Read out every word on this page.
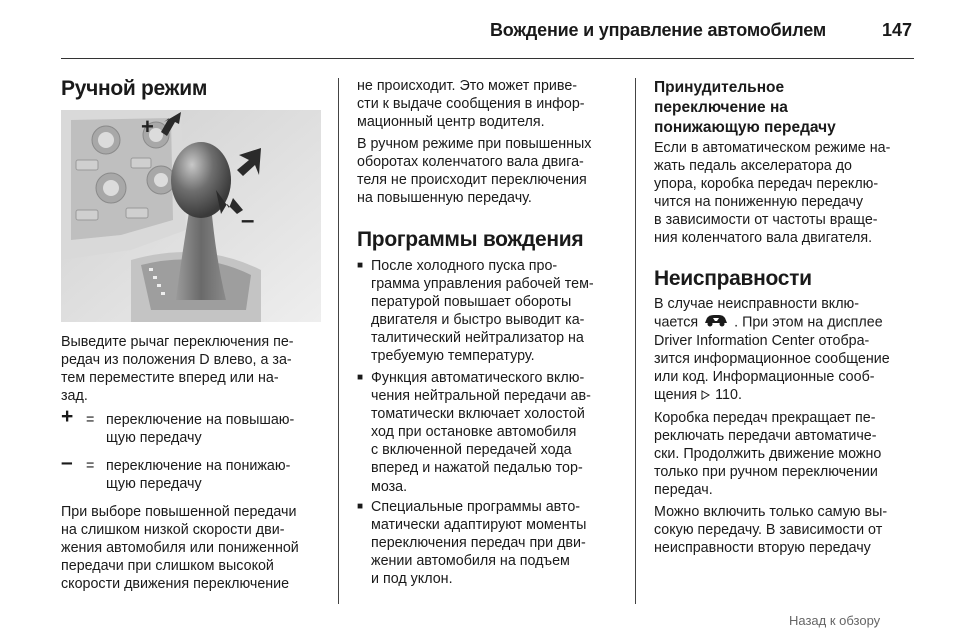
Вождение и управление автомобилем	147
Ручной режим
+
–
Выведите рычаг переключения пе-
редач из положения D влево, а за-
тем переместите вперед или на-
зад.
+ = переключение на повышаю-
щую передачу
– = переключение на понижаю-
щую передачу
При выборе повышенной передачи
на слишком низкой скорости дви-
жения автомобиля или пониженной
передачи при слишком высокой
скорости движения переключение
не происходит. Это может приве-
сти к выдаче сообщения в инфор-
мационный центр водителя.
В ручном режиме при повышенных
оборотах коленчатого вала двига-
теля не происходит переключения
на повышенную передачу.
Программы вождения
■ После холодного пуска про-
грамма управления рабочей тем-
пературой повышает обороты
двигателя и быстро выводит ка-
талитический нейтрализатор на
требуемую температуру.
■ Функция автоматического вклю-
чения нейтральной передачи ав-
томатически включает холостой
ход при остановке автомобиля
с включенной передачей хода
вперед и нажатой педалью тор-
моза.
■ Специальные программы авто-
матически адаптируют моменты
переключения передач при дви-
жении автомобиля на подъем
и под уклон.
Принудительное
переключение на
понижающую передачу
Если в автоматическом режиме на-
жать педаль акселератора до
упора, коробка передач переклю-
чится на пониженную передачу
в зависимости от частоты враще-
ния коленчатого вала двигателя.
Неисправности
В случае неисправности вклю-
чается	. При этом на дисплее
Driver Information Center отобра-
зится информационное сообщение
или код. Информационные сооб-
щения 110.
Коробка передач прекращает пе-
реключать передачи автоматиче-
ски. Продолжить движение можно
только при ручном переключении
передач.
Можно включить только самую вы-
сокую передачу. В зависимости от
неисправности вторую передачу
Назад к обзору
